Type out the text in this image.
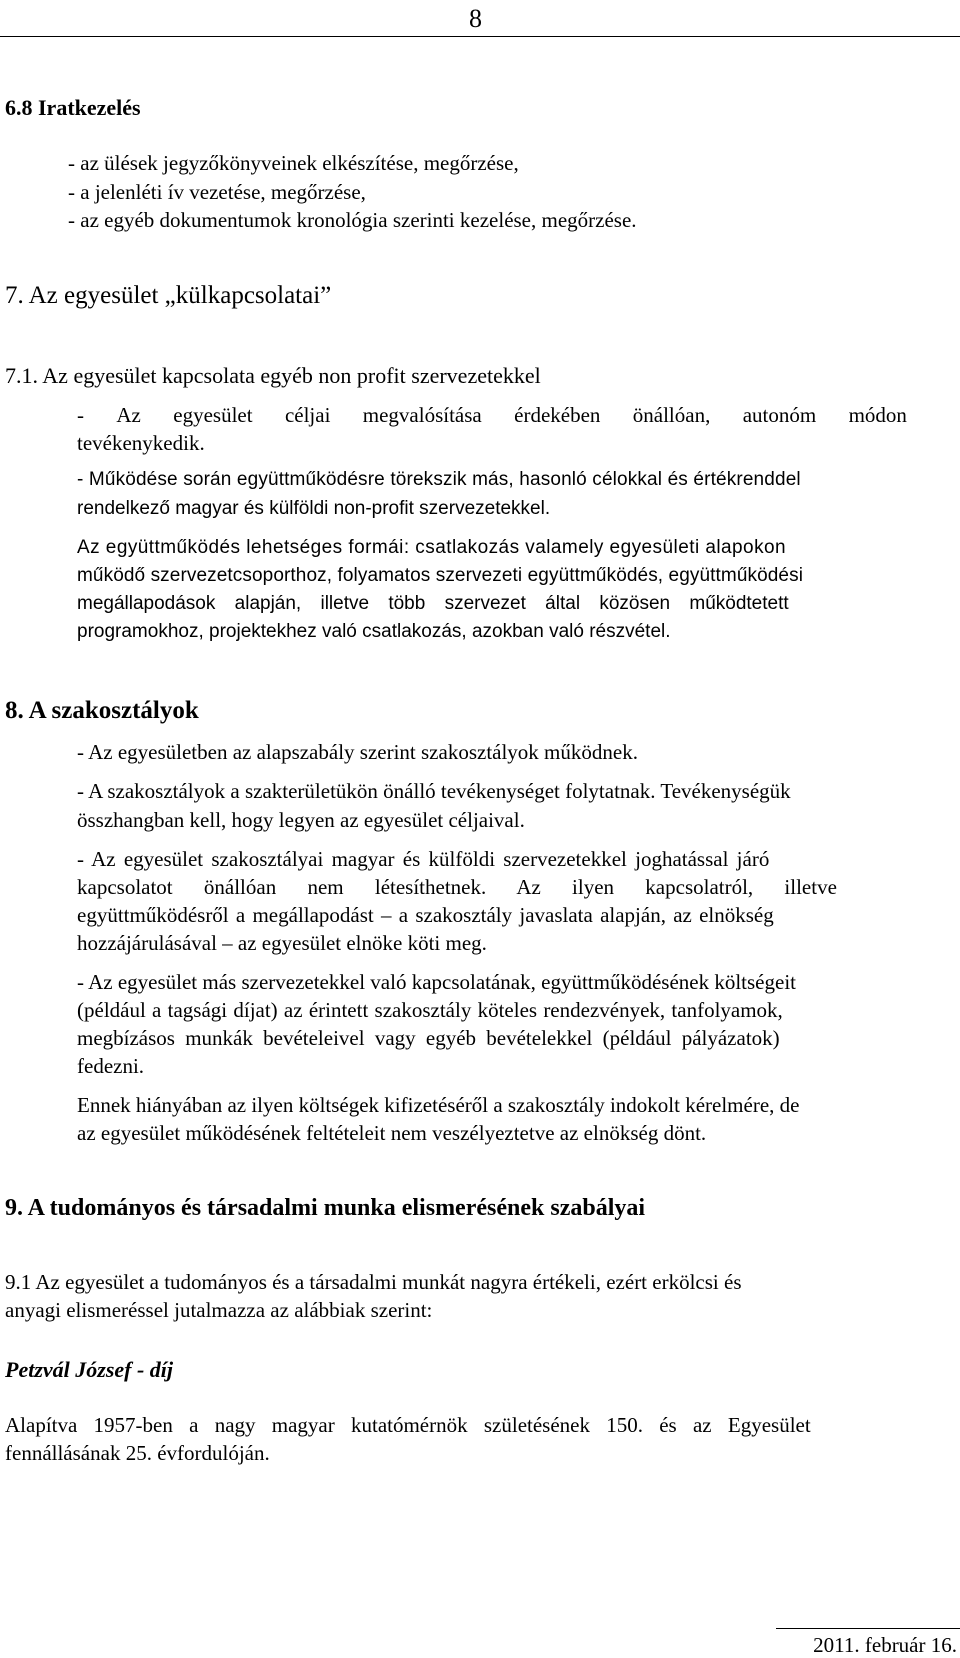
8
6.8 Iratkezelés
- az ülések jegyzőkönyveinek elkészítése, megőrzése,
- a jelenléti ív vezetése, megőrzése,
- az egyéb dokumentumok kronológia szerinti kezelése, megőrzése.
7. Az egyesület „külkapcsolatai”
7.1. Az egyesület kapcsolata egyéb non profit szervezetekkel
- Az egyesület céljai megvalósítása érdekében önállóan, autonóm módon
tevékenykedik.
- Működése során együttműködésre törekszik más, hasonló célokkal és értékrenddel
rendelkező magyar és külföldi non-profit szervezetekkel.
Az együttműködés lehetséges formái: csatlakozás valamely egyesületi alapokon
működő szervezetcsoporthoz, folyamatos szervezeti együttműködés, együttműködési
megállapodások alapján, illetve több szervezet által közösen működtetett
programokhoz, projektekhez való csatlakozás, azokban való részvétel.
8. A szakosztályok
- Az egyesületben az alapszabály szerint szakosztályok működnek.
- A szakosztályok a szakterületükön önálló tevékenységet folytatnak. Tevékenységük
összhangban kell, hogy legyen az egyesület céljaival.
- Az egyesület szakosztályai magyar és külföldi szervezetekkel joghatással járó
kapcsolatot önállóan nem létesíthetnek. Az ilyen kapcsolatról, illetve
együttműködésről a megállapodást – a szakosztály javaslata alapján, az elnökség
hozzájárulásával – az egyesület elnöke köti meg.
- Az egyesület más szervezetekkel való kapcsolatának, együttműködésének költségeit
(például a tagsági díjat) az érintett szakosztály köteles rendezvények, tanfolyamok,
megbízásos munkák bevételeivel vagy egyéb bevételekkel (például pályázatok)
fedezni.
Ennek hiányában az ilyen költségek kifizetéséről a szakosztály indokolt kérelmére, de
az egyesület működésének feltételeit nem veszélyeztetve az elnökség dönt.
9. A tudományos és társadalmi munka elismerésének szabályai
9.1 Az egyesület a tudományos és a társadalmi munkát nagyra értékeli, ezért erkölcsi és
anyagi elismeréssel jutalmazza az alábbiak szerint:
Petzvál József - díj
Alapítva 1957-ben a nagy magyar kutatómérnök születésének 150. és az Egyesület
fennállásának 25. évfordulóján.
2011. február 16.
